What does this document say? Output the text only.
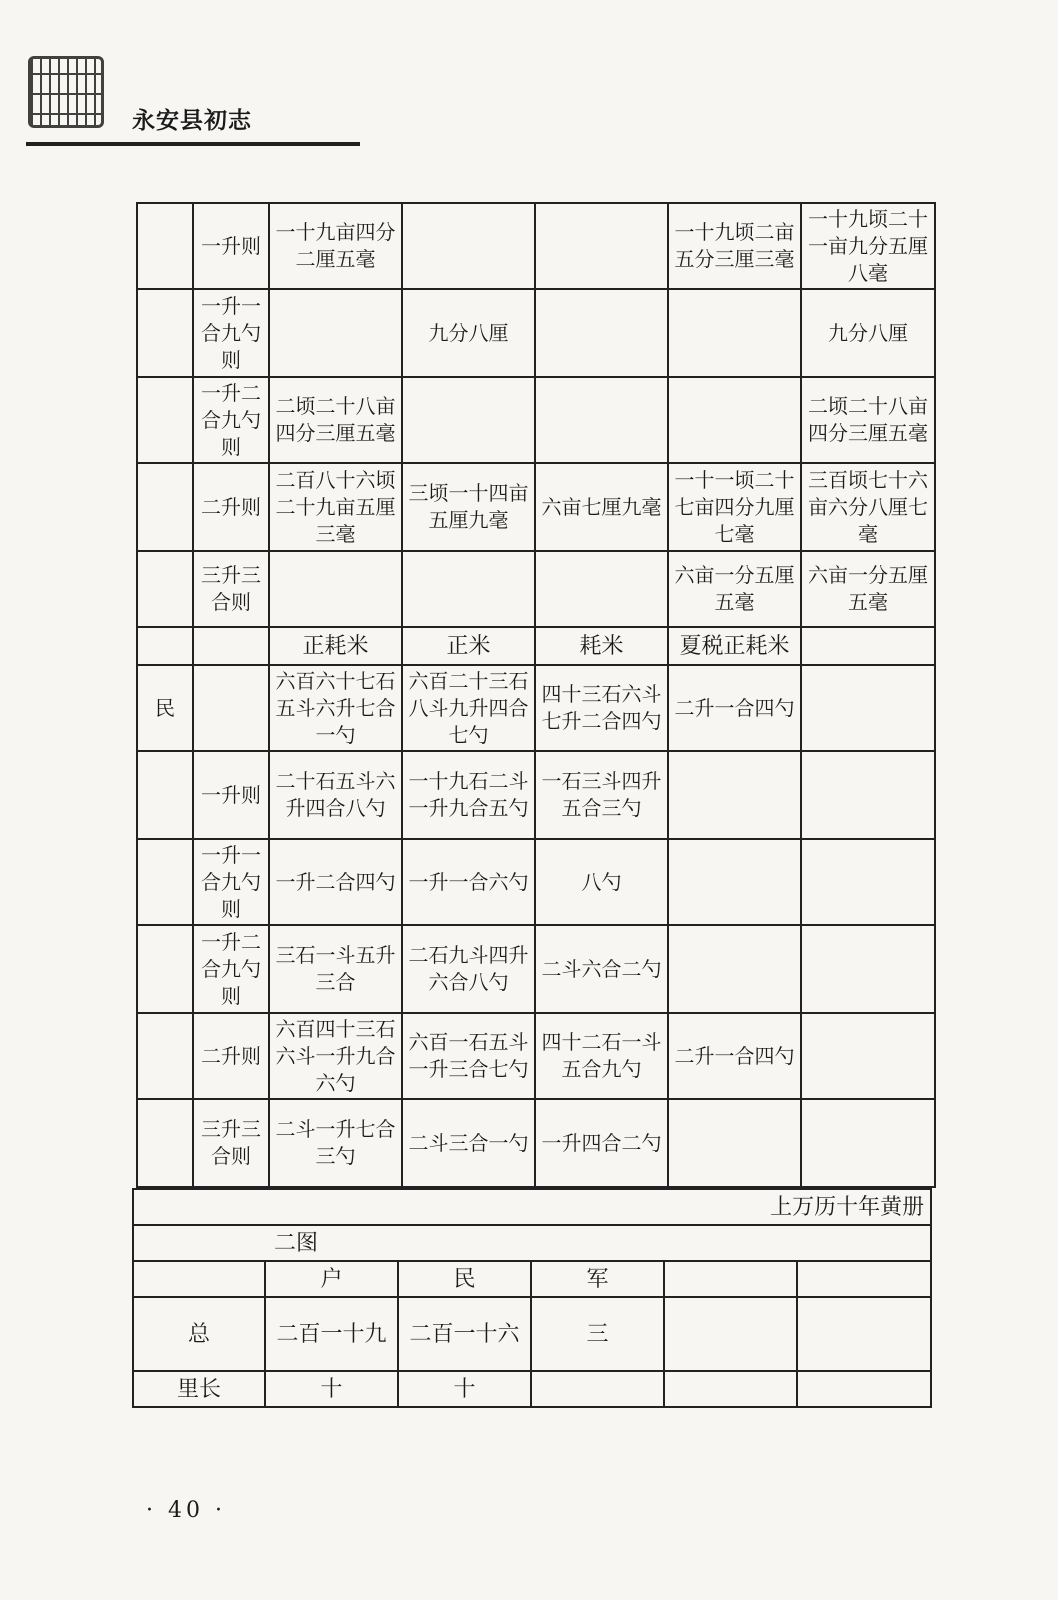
永安县初志
	一升则	一十九亩四分二厘五毫			一十九顷二亩五分三厘三毫	一十九顷二十一亩九分五厘八毫
	一升一合九勺则		九分八厘			九分八厘
	一升二合九勺则	二顷二十八亩四分三厘五毫				二顷二十八亩四分三厘五毫
	二升则	二百八十六顷二十九亩五厘三毫	三顷一十四亩五厘九毫	六亩七厘九毫	一十一顷二十七亩四分九厘七毫	三百顷七十六亩六分八厘七毫
	三升三合则				六亩一分五厘五毫	六亩一分五厘五毫
		正耗米	正米	耗米	夏税正耗米	
民		六百六十七石五斗六升七合一勺	六百二十三石八斗九升四合七勺	四十三石六斗七升二合四勺	二升一合四勺	
	一升则	二十石五斗六升四合八勺	一十九石二斗一升九合五勺	一石三斗四升五合三勺		
	一升一合九勺则	一升二合四勺	一升一合六勺	八勺		
	一升二合九勺则	三石一斗五升三合	二石九斗四升六合八勺	二斗六合二勺		
	二升则	六百四十三石六斗一升九合六勺	六百一石五斗一升三合七勺	四十二石一斗五合九勺	二升一合四勺	
	三升三合则	二斗一升七合三勺	二斗三合一勺	一升四合二勺		
上万历十年黄册					
二图					
	户	民	军		
总	二百一十九	二百一十六	三		
里长	十	十			
· 40 ·
